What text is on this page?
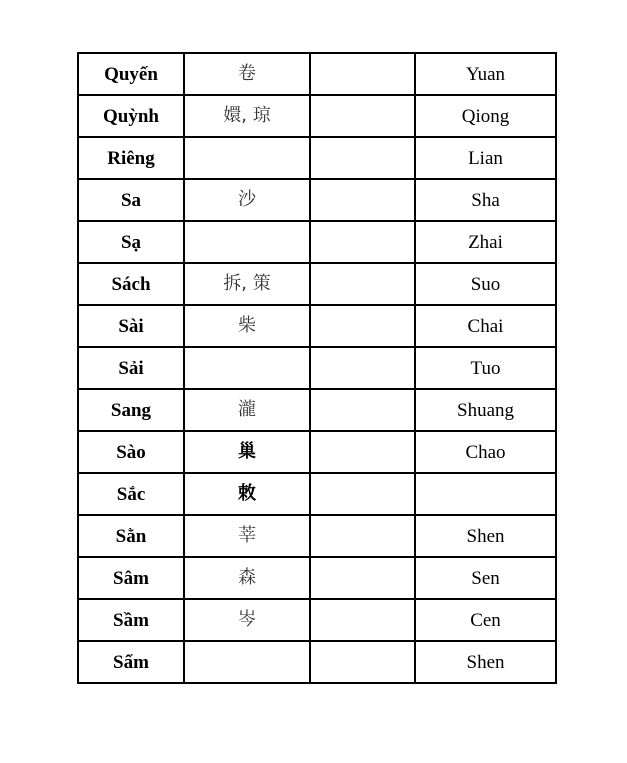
Quyến	卷		Yuan
Quỳnh	嬛, 琼		Qiong
Riêng			Lian
Sa	沙		Sha
Sạ			Zhai
Sách	拆, 策		Suo
Sài	柴		Chai
Sải			Tuo
Sang	瀧		Shuang
Sào	巢		Chao
Sắc	敕		
Sằn	莘		Shen
Sâm	森		Sen
Sầm	岑		Cen
Sẩm			Shen
